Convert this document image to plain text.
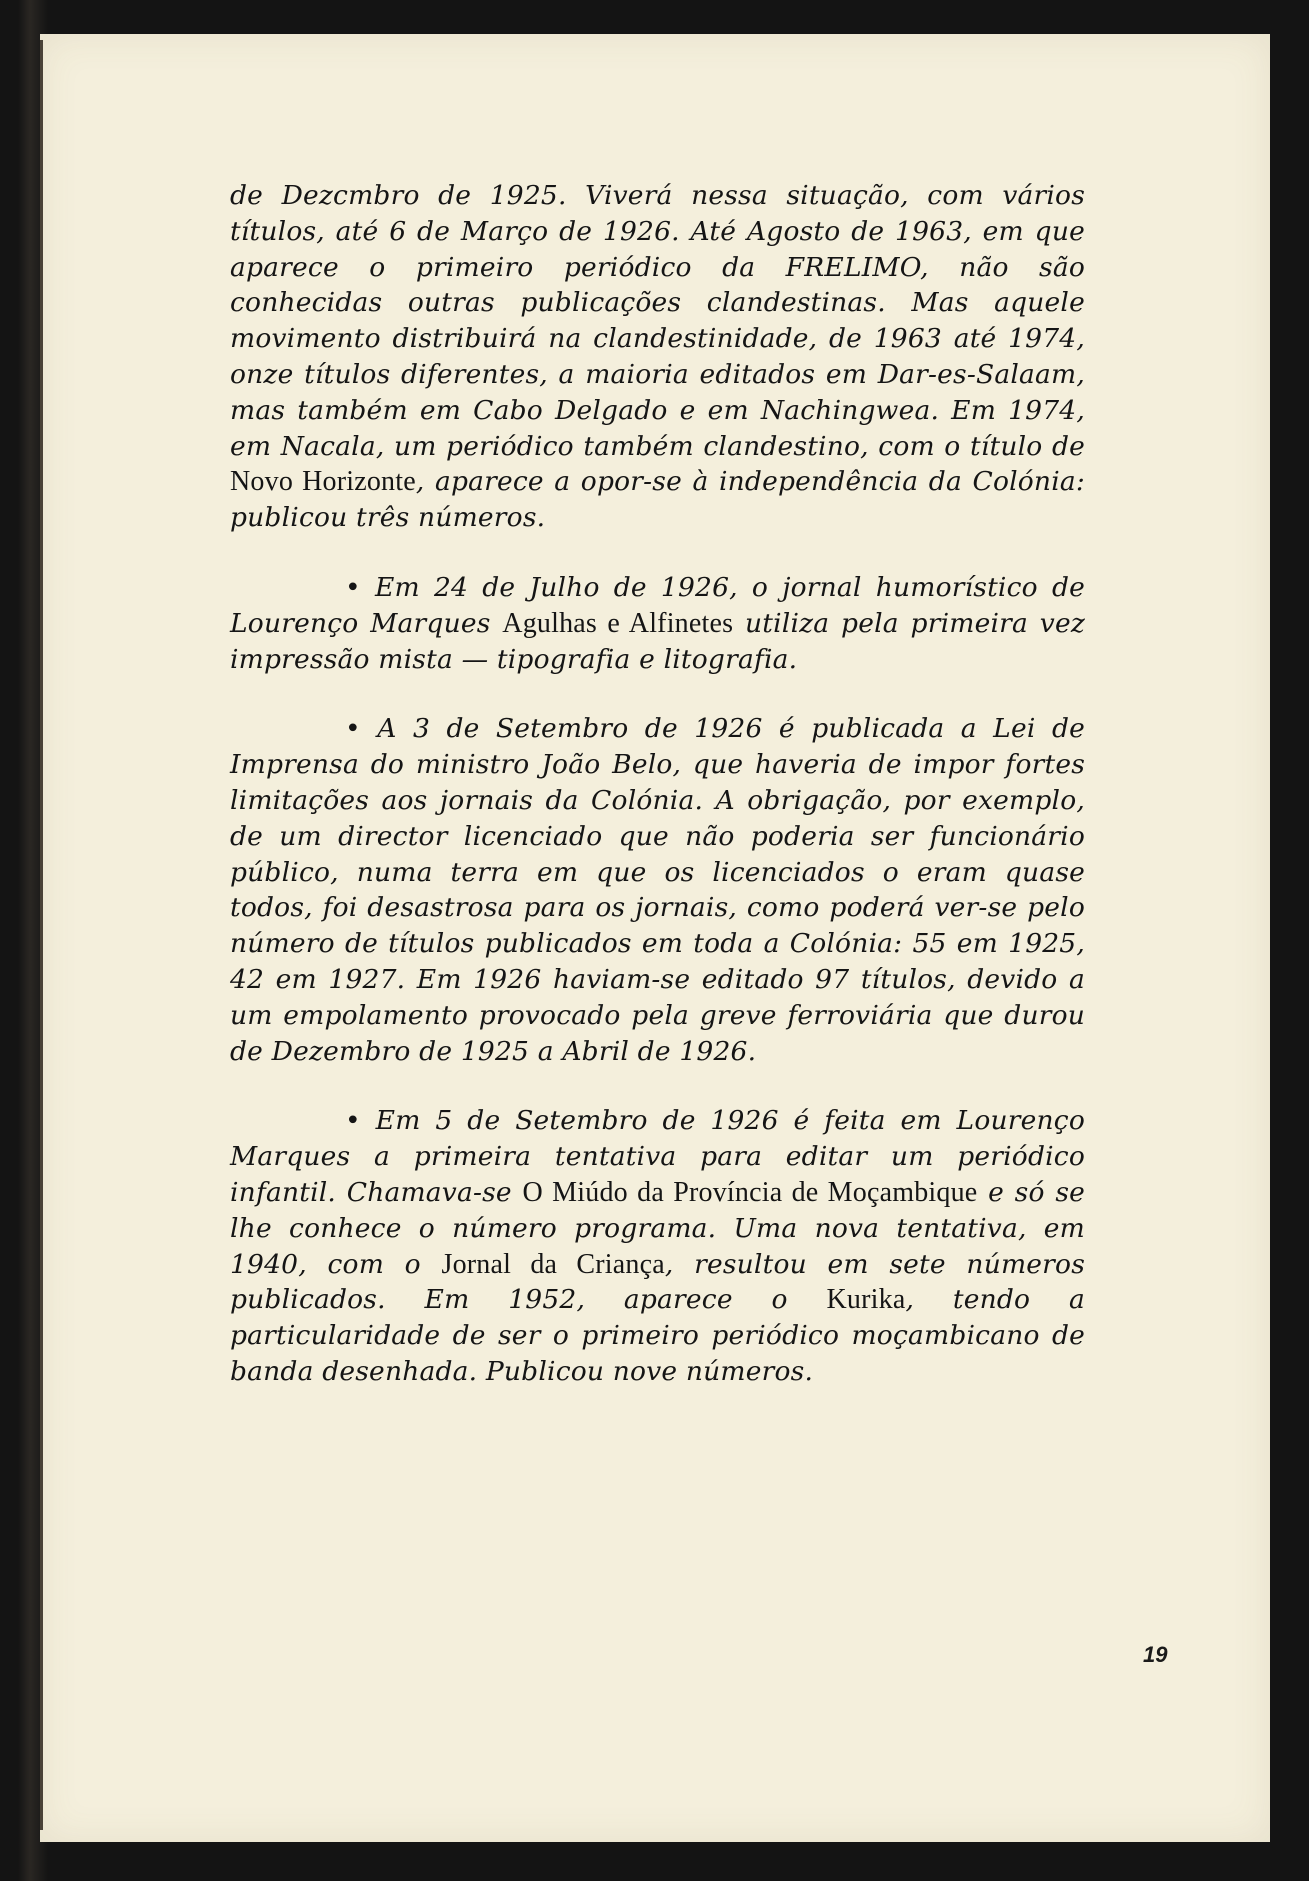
de Dezcmbro de 1925. Viverá nessa situação, com vários títulos, até 6 de Março de 1926. Até Agosto de 1963, em que aparece o primeiro periódico da FRELIMO, não são conhecidas outras publicações clandestinas. Mas aquele movimento distribuirá na clandestinidade, de 1963 até 1974, onze títulos diferentes, a maioria editados em Dar-es-Salaam, mas também em Cabo Delgado e em Nachingwea. Em 1974, em Nacala, um periódico também clandestino, com o título de Novo Horizonte, aparece a opor-se à independência da Colónia: publicou três números.

• Em 24 de Julho de 1926, o jornal humorístico de Lourenço Marques Agulhas e Alfinetes utiliza pela primeira vez impressão mista — tipografia e litografia.

• A 3 de Setembro de 1926 é publicada a Lei de Imprensa do ministro João Belo, que haveria de impor fortes limitações aos jornais da Colónia. A obrigação, por exemplo, de um director licenciado que não poderia ser funcionário público, numa terra em que os licenciados o eram quase todos, foi desastrosa para os jornais, como poderá ver-se pelo número de títulos publicados em toda a Colónia: 55 em 1925, 42 em 1927. Em 1926 haviam-se editado 97 títulos, devido a um empolamento provocado pela greve ferroviária que durou de Dezembro de 1925 a Abril de 1926.

• Em 5 de Setembro de 1926 é feita em Lourenço Marques a primeira tentativa para editar um periódico infantil. Chamava-se O Miúdo da Província de Moçambique e só se lhe conhece o número programa. Uma nova tentativa, em 1940, com o Jornal da Criança, resultou em sete números publicados. Em 1952, aparece o Kurika, tendo a particularidade de ser o primeiro periódico moçambicano de banda desenhada. Publicou nove números.

19
